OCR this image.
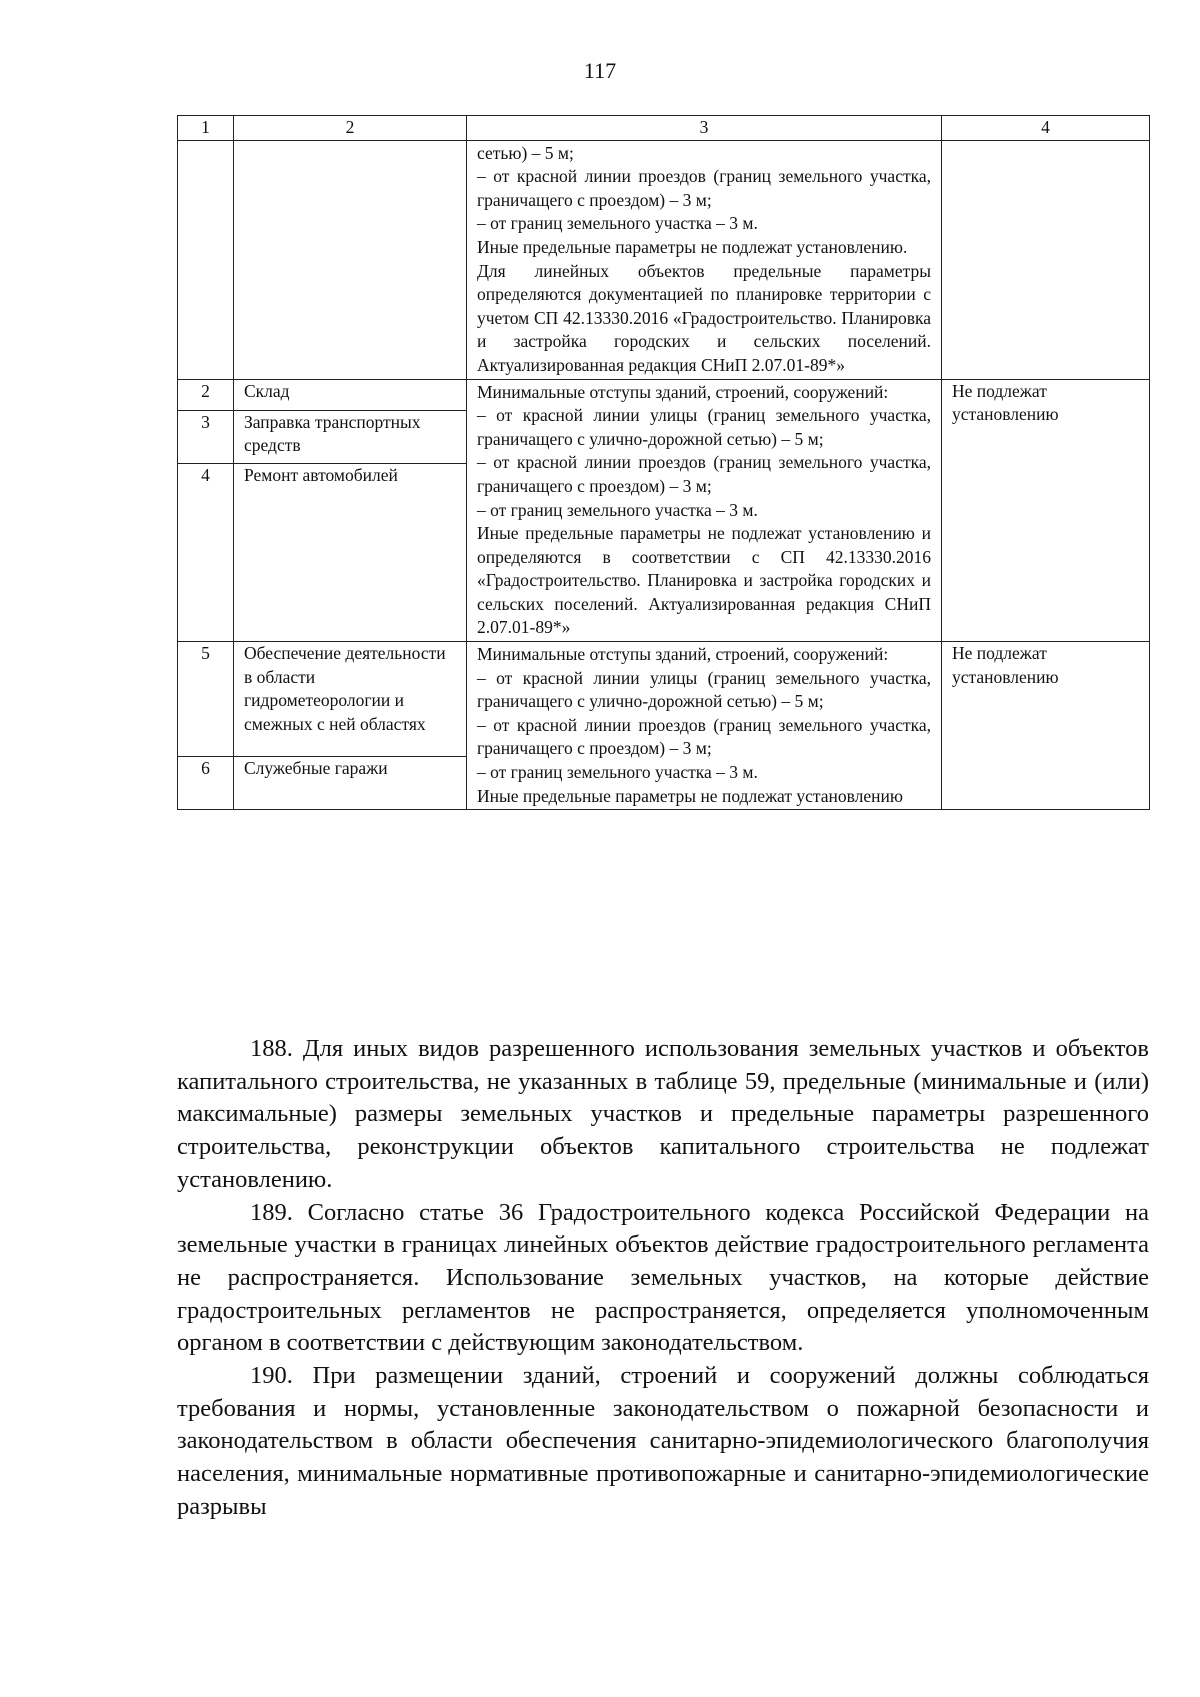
117
1	2	3	4

		сетью) – 5 м;
– от красной линии проездов (границ земельного участка, граничащего с проездом) – 3 м;
– от границ земельного участка – 3 м.
Иные предельные параметры не подлежат установлению.
Для линейных объектов предельные параметры определяются документацией по планировке территории с учетом СП 42.13330.2016 «Градостроительство. Планировка и застройка городских и сельских поселений. Актуализированная редакция СНиП 2.07.01-89*»	

2	Склад	Минимальные отступы зданий, строений, сооружений:
– от красной линии улицы (границ земельного участка, граничащего с улично-дорожной сетью) – 5 м;
– от красной линии проездов (границ земельного участка, граничащего с проездом) – 3 м;
– от границ земельного участка – 3 м.
Иные предельные параметры не подлежат установлению и определяются в соответствии с СП 42.13330.2016 «Градостроительство. Планировка и застройка городских и сельских поселений. Актуализированная редакция СНиП 2.07.01-89*»	Не подлежат установлению
3	Заправка транспортных средств		
4	Ремонт автомобилей		
5	Обеспечение деятельности в области гидрометеорологии и смежных с ней областях	Минимальные отступы зданий, строений, сооружений:
– от красной линии улицы (границ земельного участка, граничащего с улично-дорожной сетью) – 5 м;
– от красной линии проездов (границ земельного участка, граничащего с проездом) – 3 м;
– от границ земельного участка – 3 м.
Иные предельные параметры не подлежат установлению	Не подлежат установлению
6	Служебные гаражи		

188. Для иных видов разрешенного использования земельных участков и объектов капитального строительства, не указанных в таблице 59, предельные (минимальные и (или) максимальные) размеры земельных участков и предельные параметры разрешенного строительства, реконструкции объектов капитального строительства не подлежат установлению.

189. Согласно статье 36 Градостроительного кодекса Российской Федерации на земельные участки в границах линейных объектов действие градостроительного регламента не распространяется. Использование земельных участков, на которые действие градостроительных регламентов не распространяется, определяется уполномоченным органом в соответствии с действующим законодательством.

190. При размещении зданий, строений и сооружений должны соблюдаться требования и нормы, установленные законодательством о пожарной безопасности и законодательством в области обеспечения санитарно-эпидемиологического благополучия населения, минимальные нормативные противопожарные и санитарно-эпидемиологические разрывы
